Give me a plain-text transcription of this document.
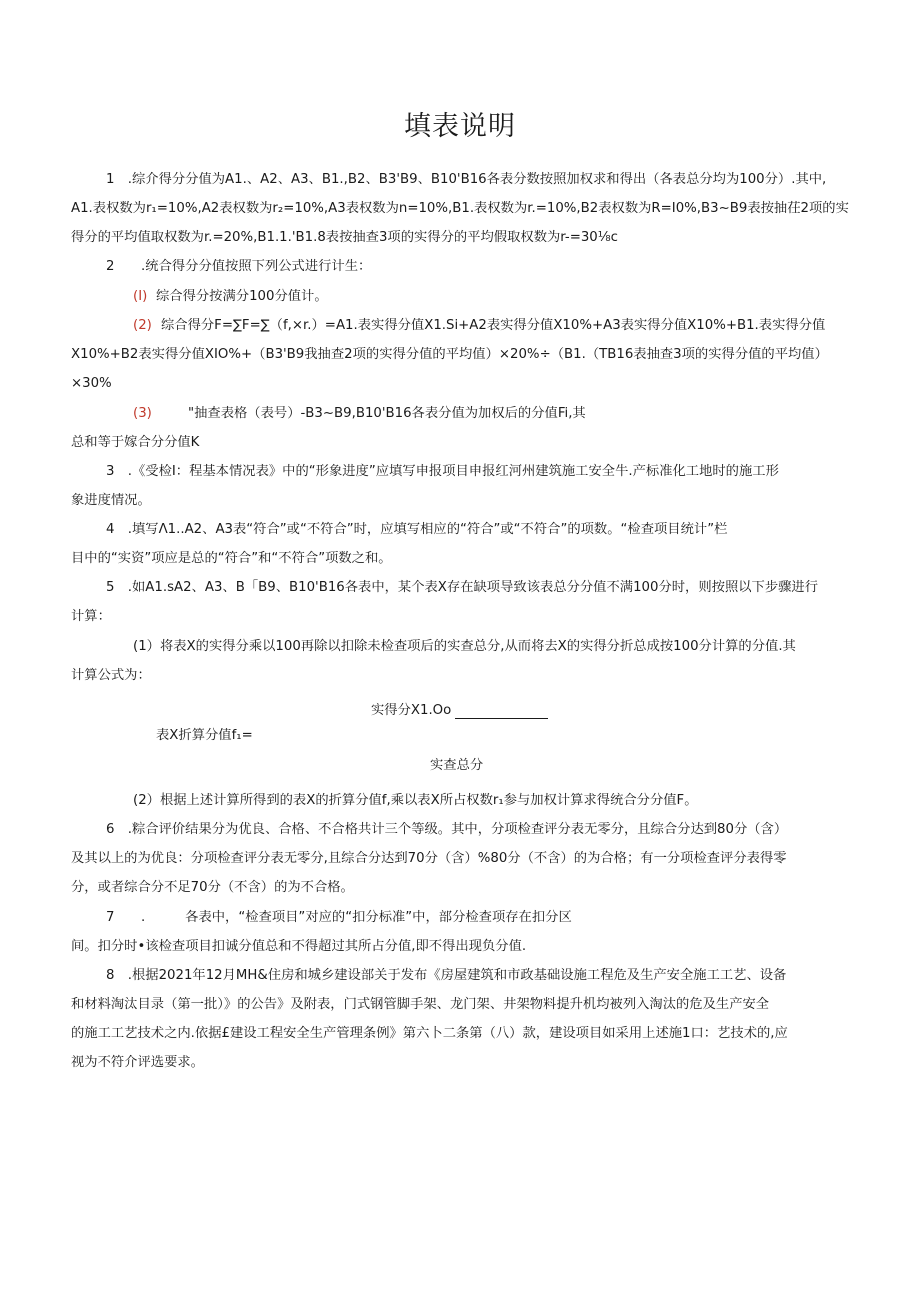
填表说明
1　.综介得分分值为A1.、A2、A3、B1.,B2、B3'B9、B10'B16各表分数按照加权求和得出（各表总分均为100分）.其中,
A1.表权数为r₁=10%,A2表权数为r₂=10%,A3表权数为n=10%,B1.表权数为r.=10%,B2表权数为R=I0%,B3~B9表按抽茌2项的实
得分的平均值取权数为r.=20%,B1.1.'B1.8表按抽查3项的实得分的平均假取权数为r-=30⅛c
2　　.统合得分分值按照下列公式进行计生：
(I) 综合得分按满分100分值计。
(2) 综合得分F=∑F=∑（f,×r.）=A1.表实得分值X1.Si+A2表实得分值X10%+A3表实得分值X10%+B1.表实得分值
X10%+B2表实得分值XIO%+（B3'B9我抽查2项的实得分值的平均值）×20%÷（B1.（TB16表抽查3项的实得分值的平均值）
×30%
(3)	"抽查表格（表号）-B3~B9,B10'B16各表分值为加权后的分值Fi,其
总和等于嫁合分分值K
3　.《受检I：程基本情况表》中的“形象进度”应填写申报项目申报红河州建筑施工安全牛.产标准化工地时的施工形
象进度情况。
4　.填写Λ1..A2、A3表“符合”或“不符合”时，应填写相应的“符合”或“不符合”的项数。“检查项目统计”栏
目中的“实资”项应是总的“符合”和“不符合”项数之和。
5　.如A1.sA2、A3、B「B9、B10'B16各表中，某个表X存在缺项导致该表总分分值不满100分时，则按照以下步骤进行
计算：
(1）将表X的实得分乘以100再除以扣除未检查项后的实查总分,从而将去X的实得分折总成按100分计算的分值.其
计算公式为：
实得分X1.Oo
表X折算分值f₁=
实查总分
(2）根据上述计算所得到的表X的折算分值f,乘以表X所占权数r₁参与加权计算求得统合分分值F。
6　.粽合评价结果分为优良、合格、不合格共计三个等级。其中，分项检查评分表无零分，且综合分达到80分（含）
及其以上的为优良：分项检查评分表无零分,且综合分达到70分（含）%80分（不含）的为合格；有一分项检查评分表得零
分，或者综合分不足70分（不含）的为不合格。
7　　.　　　各表中，“检查项目”对应的“扣分标准”中，部分检查项存在扣分区
间。扣分时•该检查项目扣诚分值总和不得超过其所占分值,即不得出现负分值.
8　.根据2021年12月MH&住房和城乡建设部关于发布《房屋建筑和市政基础设施工程危及生产安全施工工艺、设备
和材料淘汰目录（第一批）》的公告》及附表，门式钢管脚手架、龙门架、井架物料提升机均被列入淘汰的危及生产安全
的施工工艺技术之内.依据£建设工程安全生产管理条例》第六卜二条第（八）款，建设项目如采用上述施1口：艺技术的,应
视为不符介评选要求。
